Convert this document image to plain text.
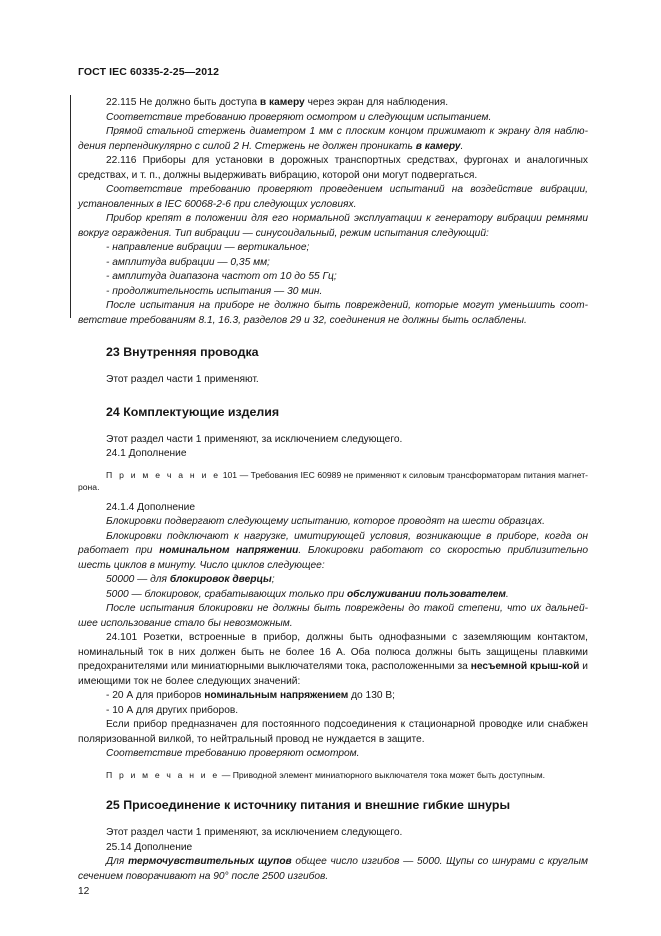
ГОСТ IEC 60335-2-25—2012

22.115 Не должно быть доступа в камеру через экран для наблюдения.

Соответствие требованию проверяют осмотром и следующим испытанием.

Прямой стальной стержень диаметром 1 мм с плоским концом прижимают к экрану для наблю-дения перпендикулярно с силой 2 Н. Стержень не должен проникать в камеру.

22.116 Приборы для установки в дорожных транспортных средствах, фургонах и аналогичных средствах, и т. п., должны выдерживать вибрацию, которой они могут подвергаться.

Соответствие требованию проверяют проведением испытаний на воздействие вибрации, установленных в IEC 60068-2-6 при следующих условиях.

Прибор крепят в положении для его нормальной эксплуатации к генератору вибрации ремнями вокруг ограждения. Тип вибрации — синусоидальный, режим испытания следующий:

- направление вибрации — вертикальное;

- амплитуда вибрации — 0,35 мм;

- амплитуда диапазона частот от 10 до 55 Гц;

- продолжительность испытания — 30 мин.

После испытания на приборе не должно быть повреждений, которые могут уменьшить соот-ветствие требованиям 8.1, 16.3, разделов 29 и 32, соединения не должны быть ослаблены.

23 Внутренняя проводка

Этот раздел части 1 применяют.

24 Комплектующие изделия

Этот раздел части 1 применяют, за исключением следующего.

24.1 Дополнение

П р и м е ч а н и е 101 — Требования IEC 60989 не применяют к силовым трансформаторам питания магнет-рона.

24.1.4 Дополнение

Блокировки подвергают следующему испытанию, которое проводят на шести образцах.

Блокировки подключают к нагрузке, имитирующей условия, возникающие в приборе, когда он работает при номинальном напряжении. Блокировки работают со скоростью приблизительно шесть циклов в минуту. Число циклов следующее:

50000 — для блокировок дверцы;

5000 — блокировок, срабатывающих только при обслуживании пользователем.

После испытания блокировки не должны быть повреждены до такой степени, что их дальней-шее использование стало бы невозможным.

24.101 Розетки, встроенные в прибор, должны быть однофазными с заземляющим контактом, номинальный ток в них должен быть не более 16 А. Оба полюса должны быть защищены плавкими предохранителями или миниатюрными выключателями тока, расположенными за несъемной крыш-кой и имеющими ток не более следующих значений:

- 20 А для приборов номинальным напряжением до 130 В;

- 10 А для других приборов.

Если прибор предназначен для постоянного подсоединения к стационарной проводке или снабжен поляризованной вилкой, то нейтральный провод не нуждается в защите.

Соответствие требованию проверяют осмотром.

П р и м е ч а н и е — Приводной элемент миниатюрного выключателя тока может быть доступным.

25 Присоединение к источнику питания и внешние гибкие шнуры

Этот раздел части 1 применяют, за исключением следующего.

25.14 Дополнение

Для термочувствительных щупов общее число изгибов — 5000. Щупы со шнурами с круглым сечением поворачивают на 90° после 2500 изгибов.

12
